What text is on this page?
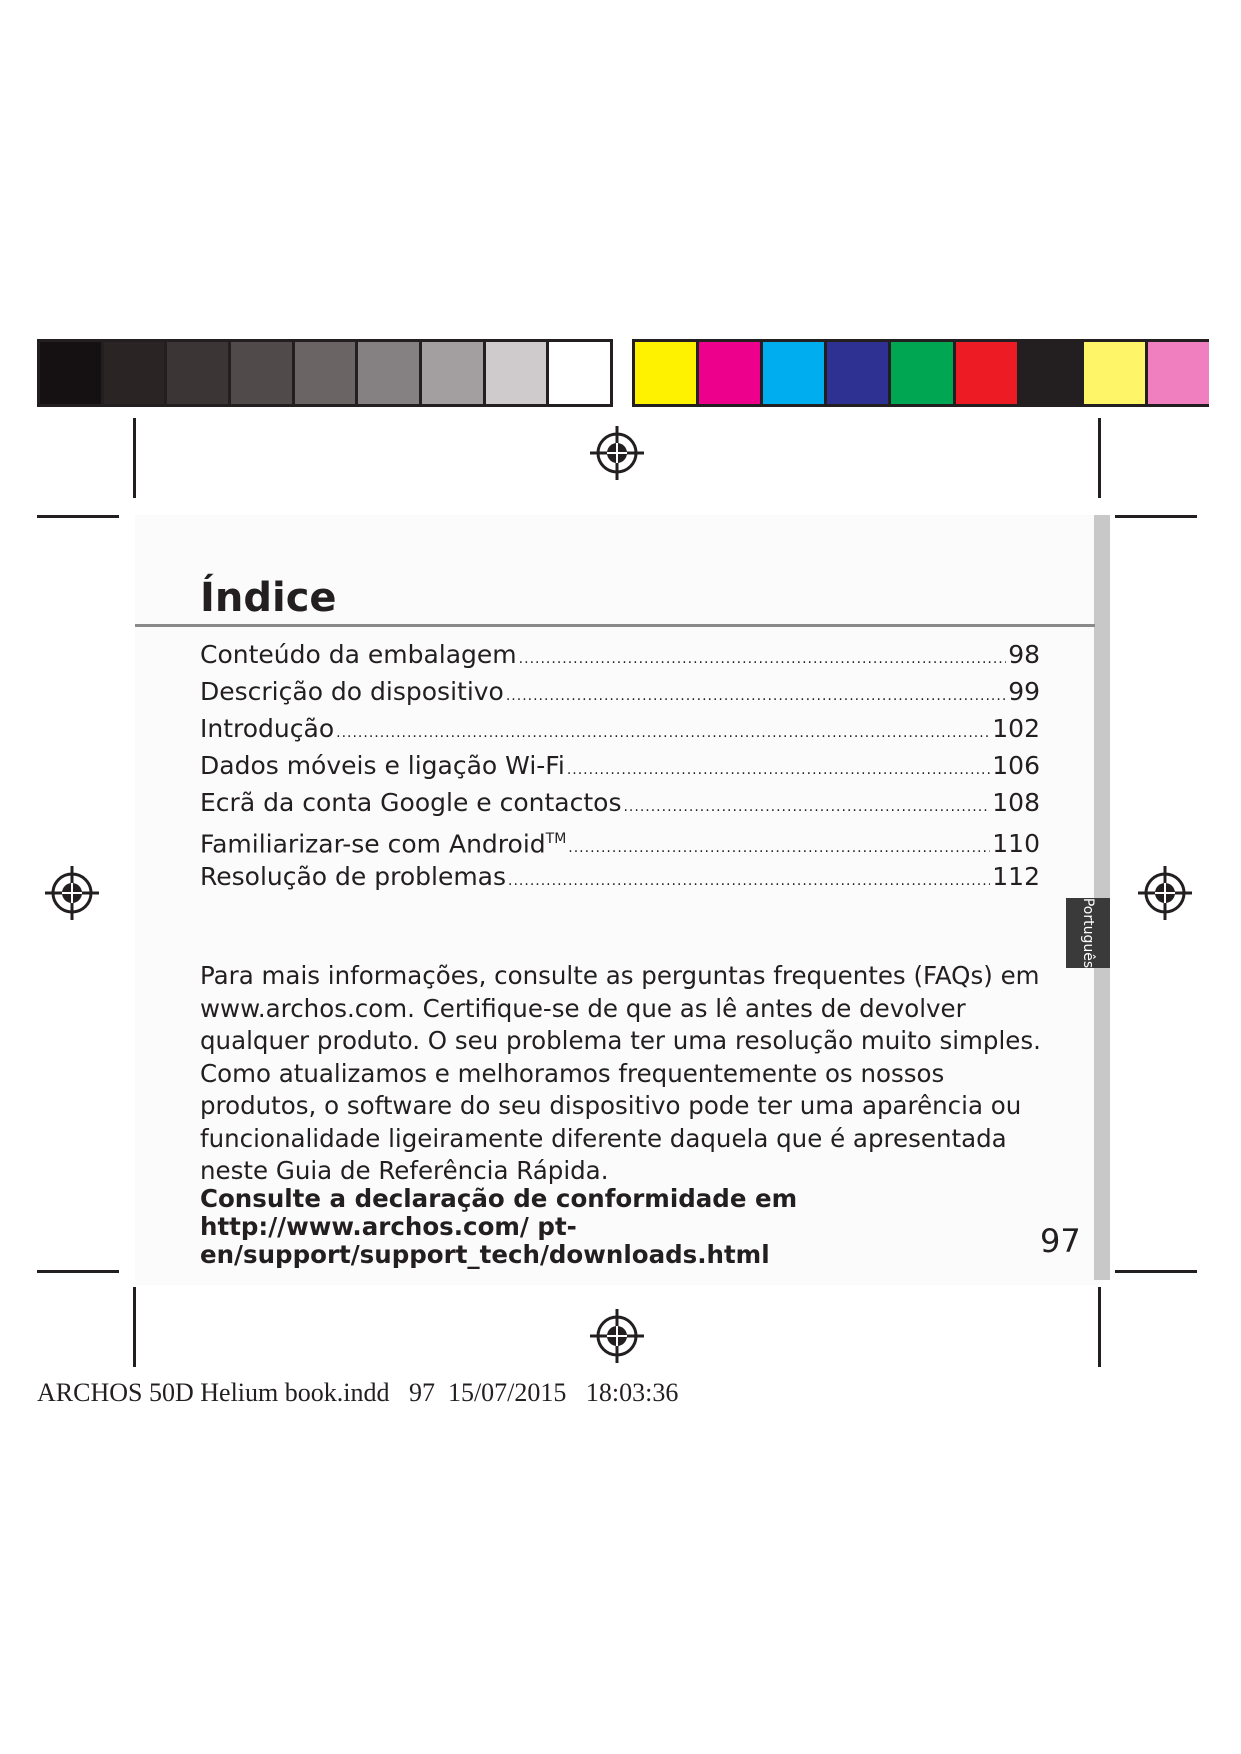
Português
Índice
Conteúdo da embalagem .....	98
Descrição do dispositivo .....	99
Introdução .....	102
Dados móveis e ligação Wi-Fi .....	106
Ecrã da conta Google e contactos .....	108
Familiarizar-se com Android™ .....	110
Resolução de problemas .....	112

Para mais informações, consulte as perguntas frequentes (FAQs) em www.archos.com. Certifique-se de que as lê antes de devolver qualquer produto. O seu problema ter uma resolução muito simples. Como atualizamos e melhoramos frequentemente os nossos produtos, o software do seu dispositivo pode ter uma aparência ou funcionalidade ligeiramente diferente daquela que é apresentada neste Guia de Referência Rápida.

Consulte a declaração de conformidade em http://www.archos.com/ pt-en/support/support_tech/downloads.html	97
ARCHOS 50D Helium book.indd   97  15/07/2015   18:03:36
